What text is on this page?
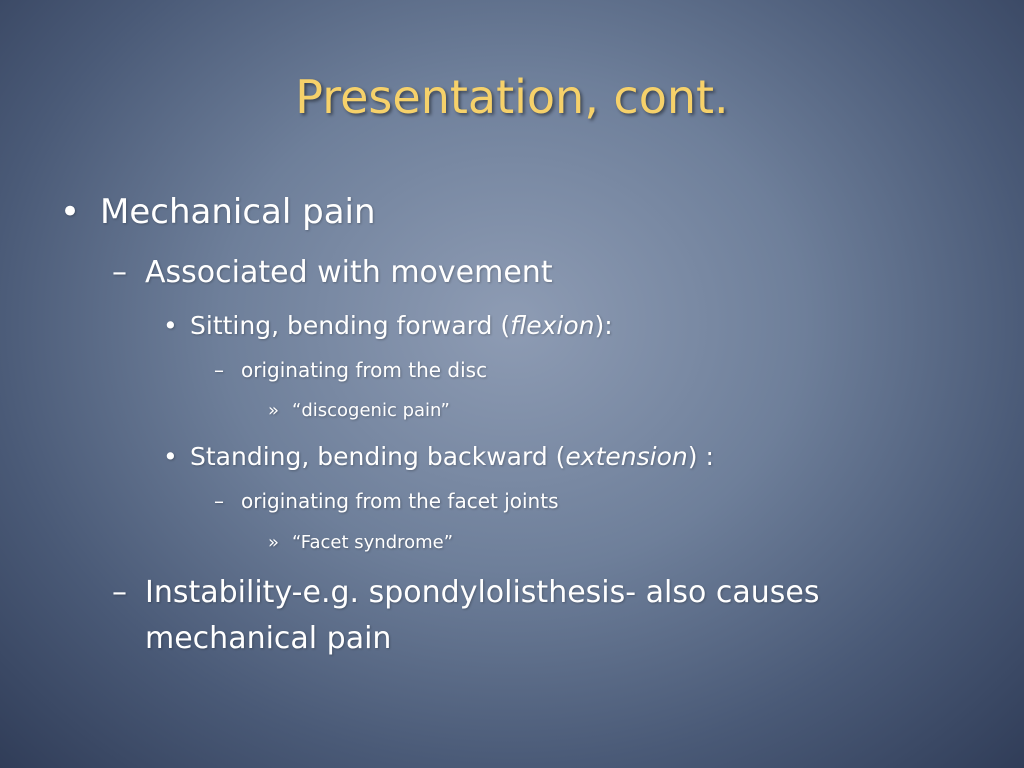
Presentation, cont.
• Mechanical pain
– Associated with movement
• Sitting, bending forward (flexion):
– originating from the disc
» “discogenic pain”
• Standing, bending backward (extension) :
– originating from the facet joints
» “Facet syndrome”
– Instability-e.g. spondylolisthesis- also causes
mechanical pain
